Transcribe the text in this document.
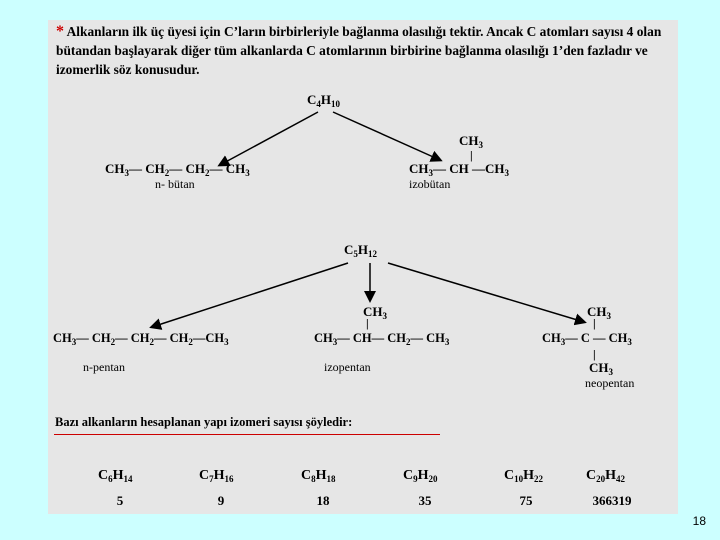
* Alkanların ilk üç üyesi için C’ların birbirleriyle bağlanma olasılığı tektir. Ancak C atomları sayısı 4 olan bütandan başlayarak diğer tüm alkanlarda C atomlarının birbirine bağlanma olasılığı 1’den fazladır ve izomerlik söz konusudur.
$C_4H_{10}$
$CH_3—$ $CH_2—$ $CH_2—$ $CH_3$
n- bütan
$CH_3$
|
$CH_3—$ CH $—CH_3$
izobütan
$C_5H_{12}$
$CH_3—$ $CH_2—$ $CH_2—$ $CH_2—CH_3$
n-pentan
$CH_3$
|
$CH_3—$ CH— $CH_2—$ $CH_3$
izopentan
$CH_3$
|
$CH_3—$ C — $CH_3$
|
$CH_3$
neopentan
Bazı alkanların hesaplanan yapı izomeri sayısı şöyledir:
$C_6H_{14}$
5
$C_7H_{16}$
9
$C_8H_{18}$
18
$C_9H_{20}$
35
$C_{10}H_{22}$
75
$C_{20}H_{42}$
366319
18
